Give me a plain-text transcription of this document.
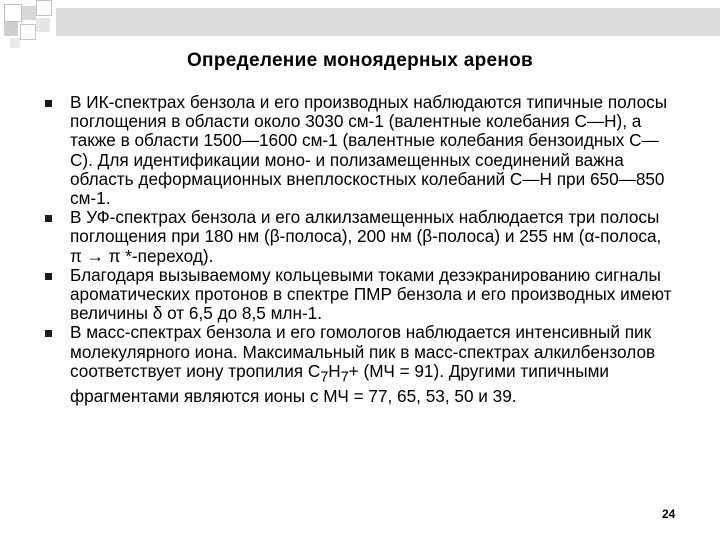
Определение моноядерных аренов
В ИК-спектрах бензола и его производных наблюдаются типичные полосы поглощения в области около 3030 см-1 (валентные колебания С—Н), а также в области 1500—1600 см-1 (валентные колебания бензоидных С—С). Для идентификации моно- и полизамещенных соединений важна область деформационных внеплоскостных колебаний С—Н при 650—850 см-1.
В УФ-спектрах бензола и его алкилзамещенных наблюдается три полосы поглощения при 180 нм (β-полоса), 200 нм (β-полоса) и 255 нм (α-полоса, π → π *-переход).
Благодаря вызываемому кольцевыми токами дезэкранированию сигналы ароматических протонов в спектре ПМР бензола и его производных имеют величины δ от 6,5 до 8,5 млн-1.
В масс-спектрах бензола и его гомологов наблюдается интенсивный пик молекулярного иона. Максимальный пик в масс-спектрах алкилбензолов соответствует иону тропилия $С_7Н_7+ (МЧ = 91)$. Другими типичными фрагментами являются ионы с МЧ = 77, 65, 53, 50 и 39.
24
